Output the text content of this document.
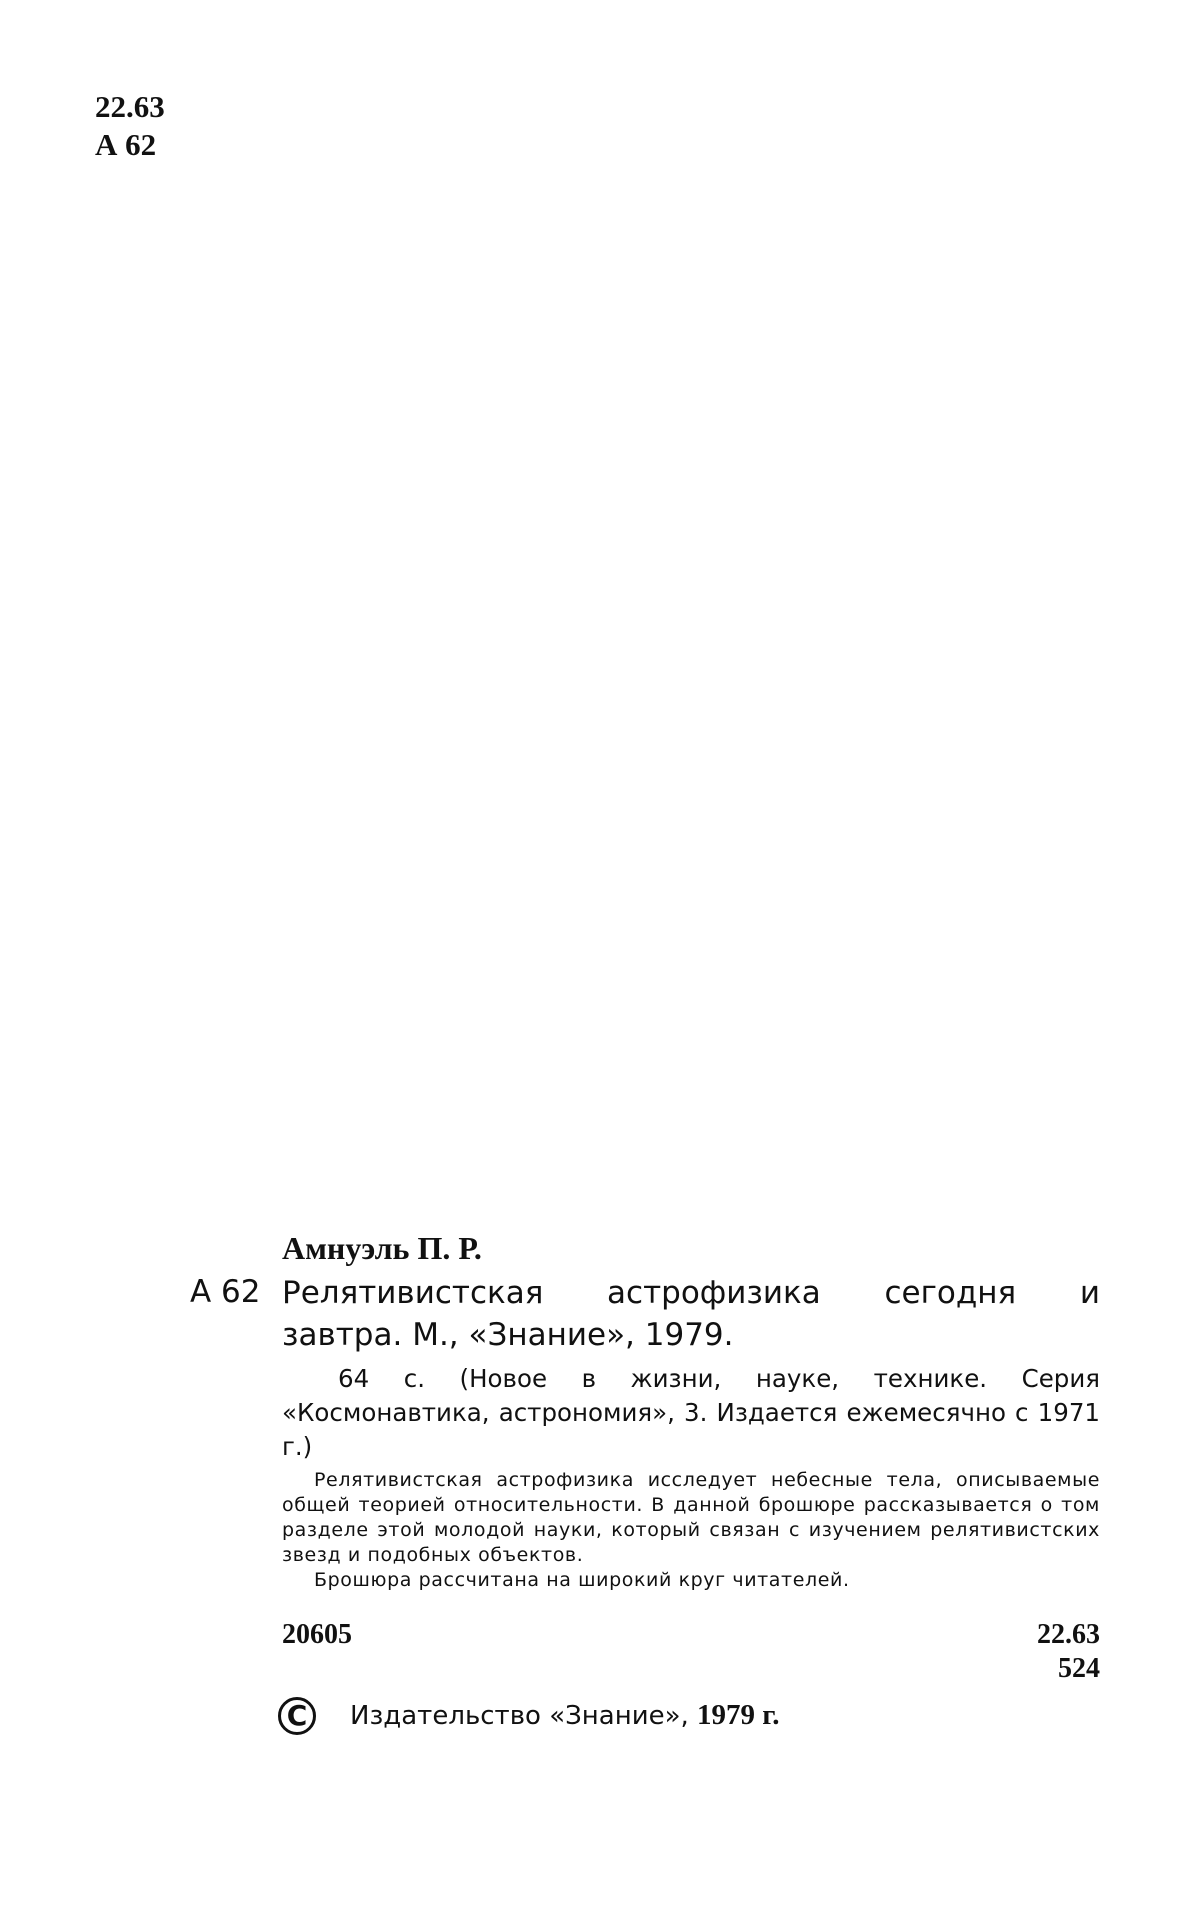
22.63
А 62
Амнуэль П. Р.
А 62 Релятивистская астрофизика сегодня и
завтра. М., «Знание», 1979.
64 с. (Новое в жизни, науке, технике. Серия «Космонавтика, астрономия», 3. Издается ежемесячно с 1971 г.)

Релятивистская астрофизика исследует небесные тела, описываемые общей теорией относительности. В данной брошюре рассказывается о том разделе этой молодой науки, который связан с изучением релятивистских звезд и подобных объектов.

Брошюра рассчитана на широкий круг читателей.

20605	22.63
524
C	Издательство «Знание», 1979 г.
